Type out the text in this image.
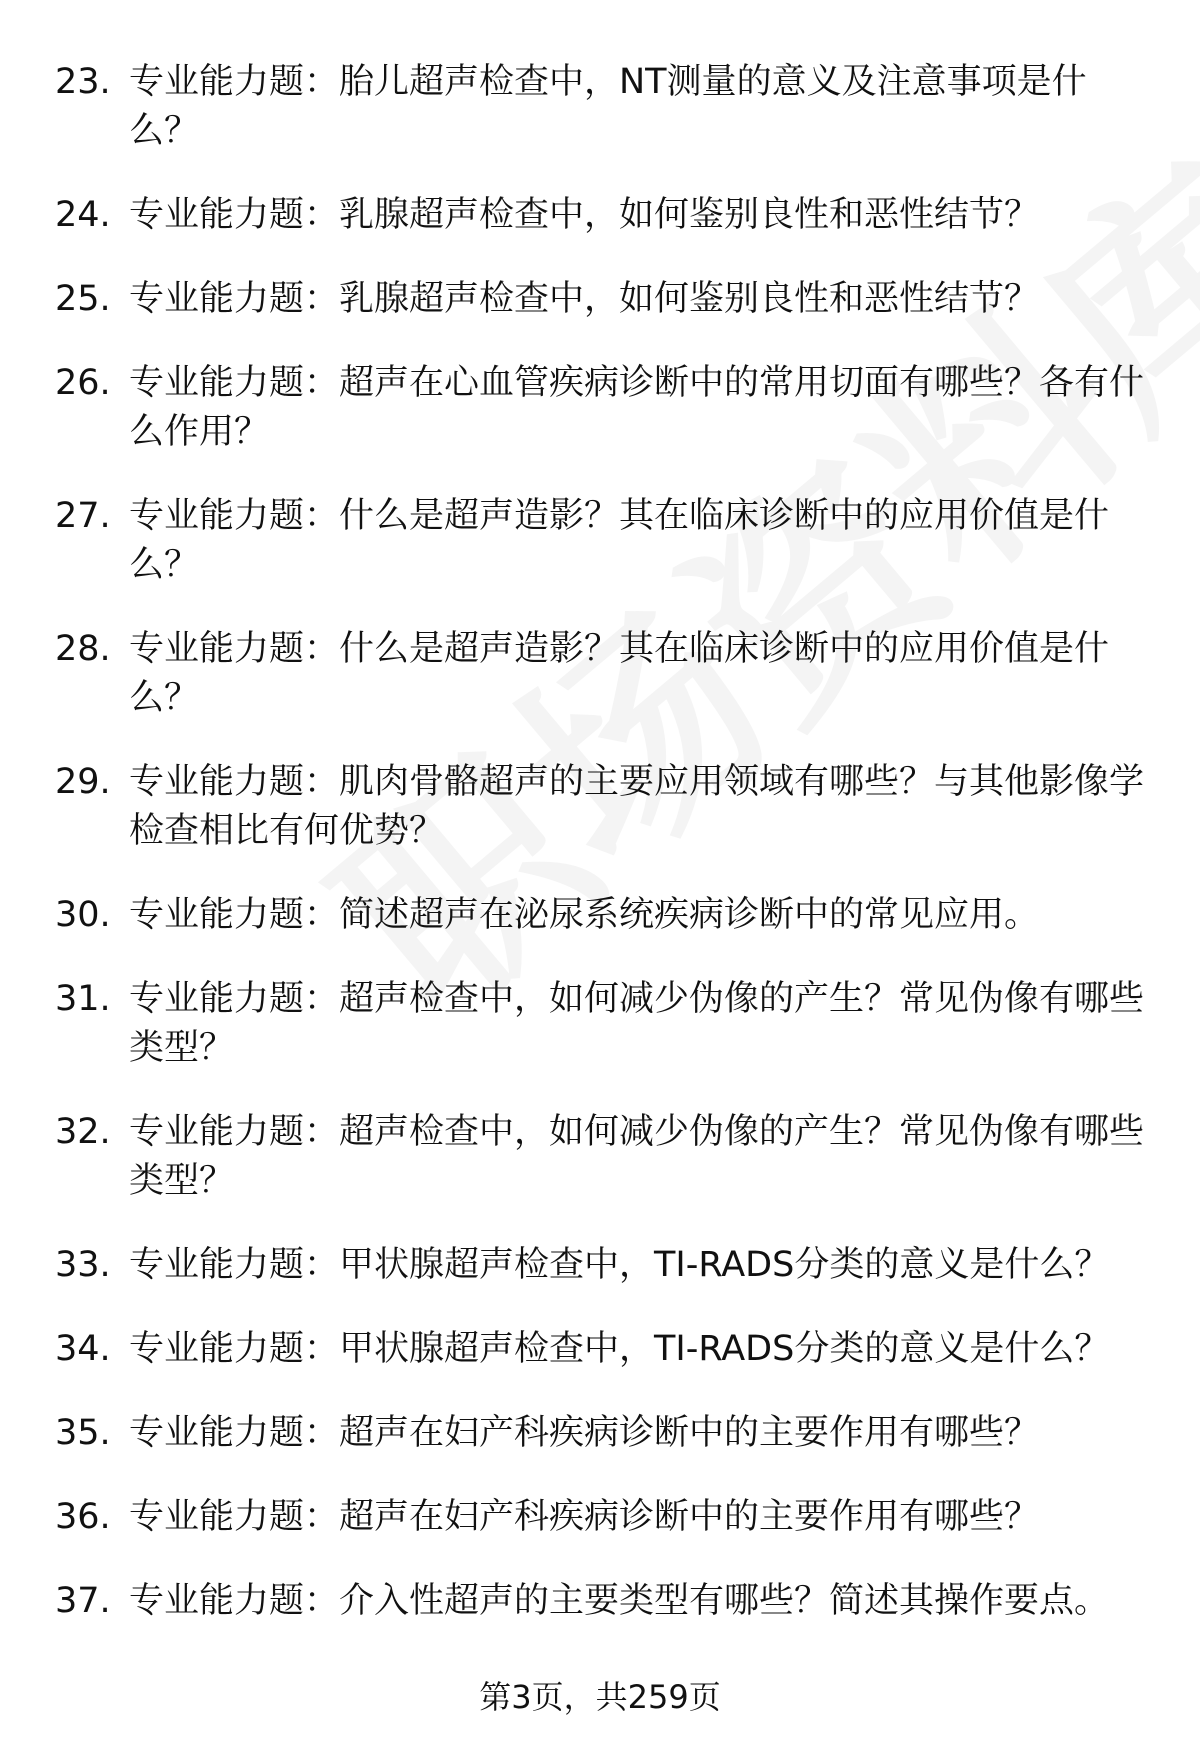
23. 专业能力题：胎儿超声检查中，NT测量的意义及注意事项是什么？
24. 专业能力题：乳腺超声检查中，如何鉴别良性和恶性结节？
25. 专业能力题：乳腺超声检查中，如何鉴别良性和恶性结节？
26. 专业能力题：超声在心血管疾病诊断中的常用切面有哪些？各有什么作用？
27. 专业能力题：什么是超声造影？其在临床诊断中的应用价值是什么？
28. 专业能力题：什么是超声造影？其在临床诊断中的应用价值是什么？
29. 专业能力题：肌肉骨骼超声的主要应用领域有哪些？与其他影像学检查相比有何优势？
30. 专业能力题：简述超声在泌尿系统疾病诊断中的常见应用。
31. 专业能力题：超声检查中，如何减少伪像的产生？常见伪像有哪些类型？
32. 专业能力题：超声检查中，如何减少伪像的产生？常见伪像有哪些类型？
33. 专业能力题：甲状腺超声检查中，TI-RADS分类的意义是什么？
34. 专业能力题：甲状腺超声检查中，TI-RADS分类的意义是什么？
35. 专业能力题：超声在妇产科疾病诊断中的主要作用有哪些？
36. 专业能力题：超声在妇产科疾病诊断中的主要作用有哪些？
37. 专业能力题：介入性超声的主要类型有哪些？简述其操作要点。
第3页，共259页
